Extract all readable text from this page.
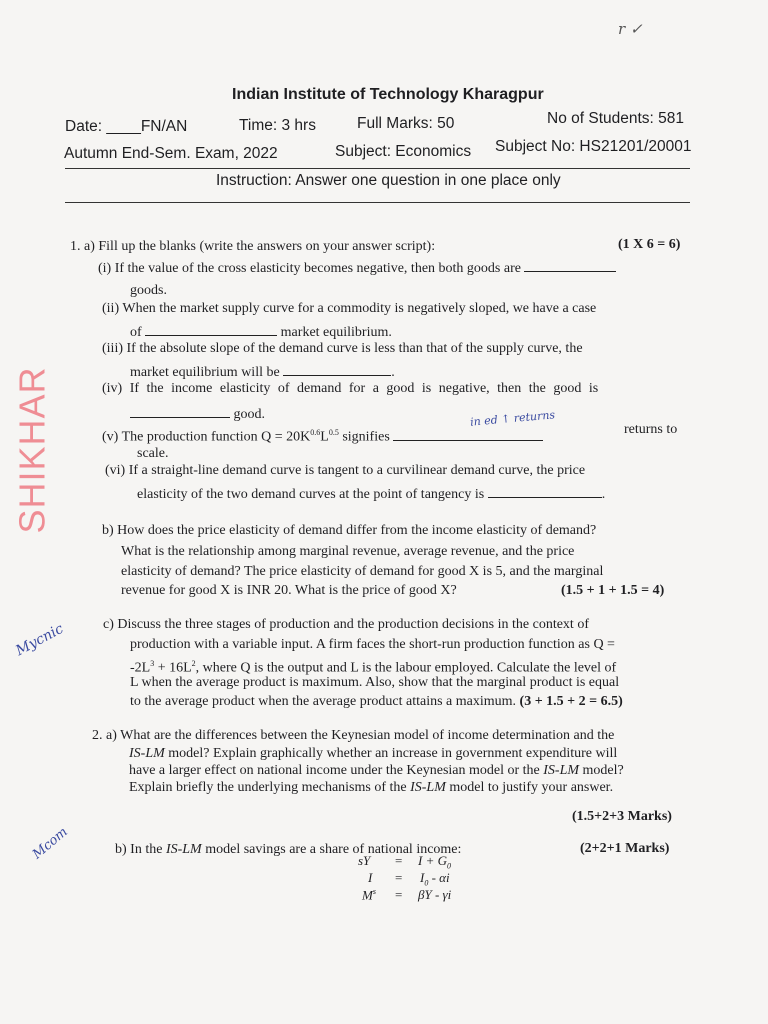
Indian Institute of Technology Kharagpur
Date: ____FN/AN	Time: 3 hrs	Full Marks: 50	No of Students: 581
Autumn End-Sem. Exam, 2022	Subject: Economics Subject No: HS21201/20001
Instruction: Answer one question in one place only
SHIKHAR
1. a) Fill up the blanks (write the answers on your answer script):	(1 X 6 = 6)
(i) If the value of the cross elasticity becomes negative, then both goods are
goods.
(ii) When the market supply curve for a commodity is negatively sloped, we have a case
of	market equilibrium.
(iii) If the absolute slope of the demand curve is less than that of the supply curve, the
market equilibrium will be	.
(iv) If the income elasticity of demand for a good is negative, then the good is
good.
(v) The production function $Q = 20K^{0.6}L^{0.5}$ signifies
returns to
scale.
in ed ↑ returns
(vi) If a straight-line demand curve is tangent to a curvilinear demand curve, the price
elasticity of the two demand curves at the point of tangency is	.
b) How does the price elasticity of demand differ from the income elasticity of demand?
What is the relationship among marginal revenue, average revenue, and the price
elasticity of demand? The price elasticity of demand for good X is 5, and the marginal
revenue for good X is INR 20. What is the price of good X?	(1.5 + 1 + 1.5 = 4)
c) Discuss the three stages of production and the production decisions in the context of
production with a variable input. A firm faces the short-run production function as Q =
$-2L^3 + 16L^2$, where Q is the output and L is the labour employed. Calculate the level of
L when the average product is maximum. Also, show that the marginal product is equal
to the average product when the average product attains a maximum. (3 + 1.5 + 2 = 6.5)
2. a) What are the differences between the Keynesian model of income determination and the
IS-LM model? Explain graphically whether an increase in government expenditure will
have a larger effect on national income under the Keynesian model or the IS-LM model?
Explain briefly the underlying mechanisms of the IS-LM model to justify your answer.
(1.5+2+3 Marks)
b) In the IS-LM model savings are a share of national income:	(2+2+1 Marks)
sY = $I + G_0$
$I = I_0 - \alpha i$
$M^s = \beta Y - \gamma i$
Mycnic
Mcom
r ✓
